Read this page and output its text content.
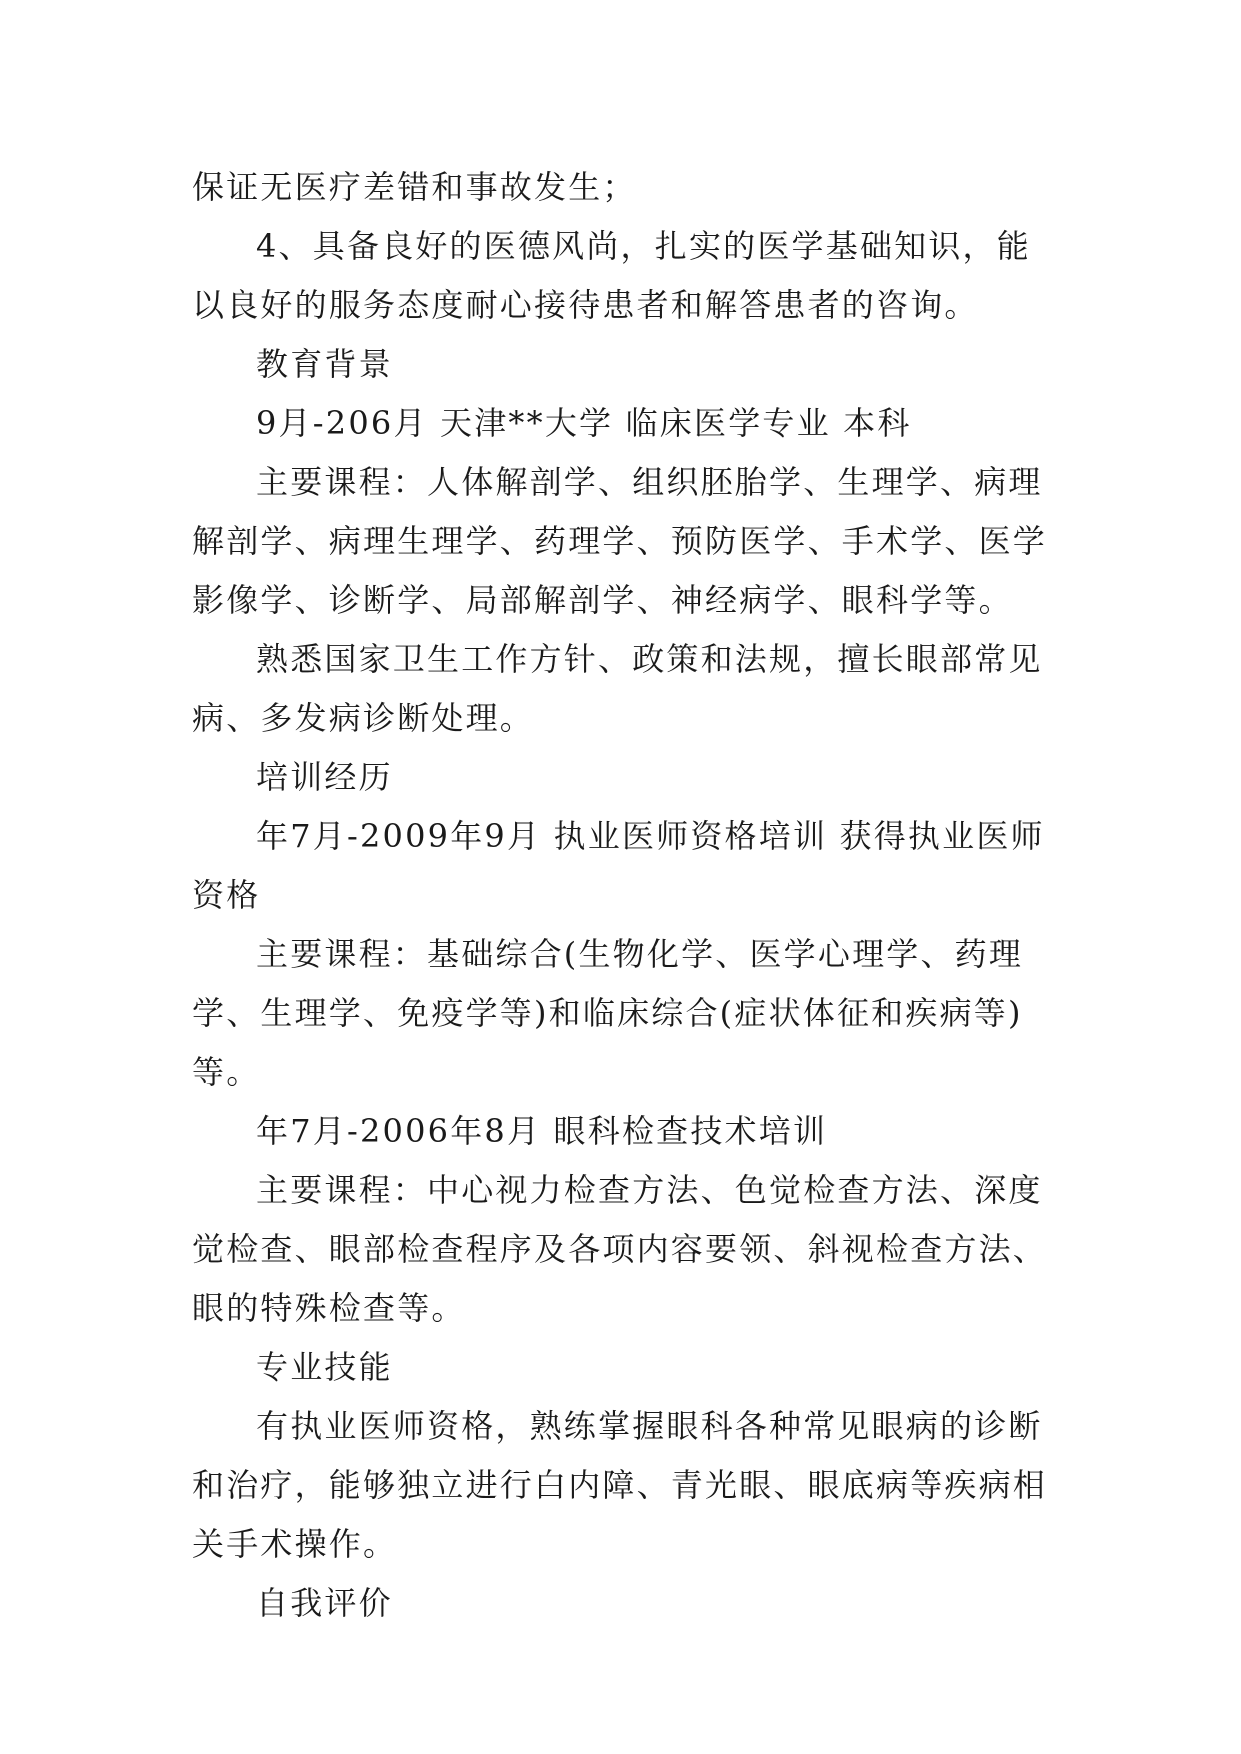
保证无医疗差错和事故发生；

4、具备良好的医德风尚，扎实的医学基础知识，能以良好的服务态度耐心接待患者和解答患者的咨询。

教育背景

9月-206月 天津**大学 临床医学专业 本科

主要课程：人体解剖学、组织胚胎学、生理学、病理解剖学、病理生理学、药理学、预防医学、手术学、医学影像学、诊断学、局部解剖学、神经病学、眼科学等。

熟悉国家卫生工作方针、政策和法规，擅长眼部常见病、多发病诊断处理。

培训经历

年7月-2009年9月 执业医师资格培训 获得执业医师资格

主要课程：基础综合(生物化学、医学心理学、药理学、生理学、免疫学等)和临床综合(症状体征和疾病等)等。

年7月-2006年8月 眼科检查技术培训

主要课程：中心视力检查方法、色觉检查方法、深度觉检查、眼部检查程序及各项内容要领、斜视检查方法、眼的特殊检查等。

专业技能

有执业医师资格，熟练掌握眼科各种常见眼病的诊断和治疗，能够独立进行白内障、青光眼、眼底病等疾病相关手术操作。

自我评价
